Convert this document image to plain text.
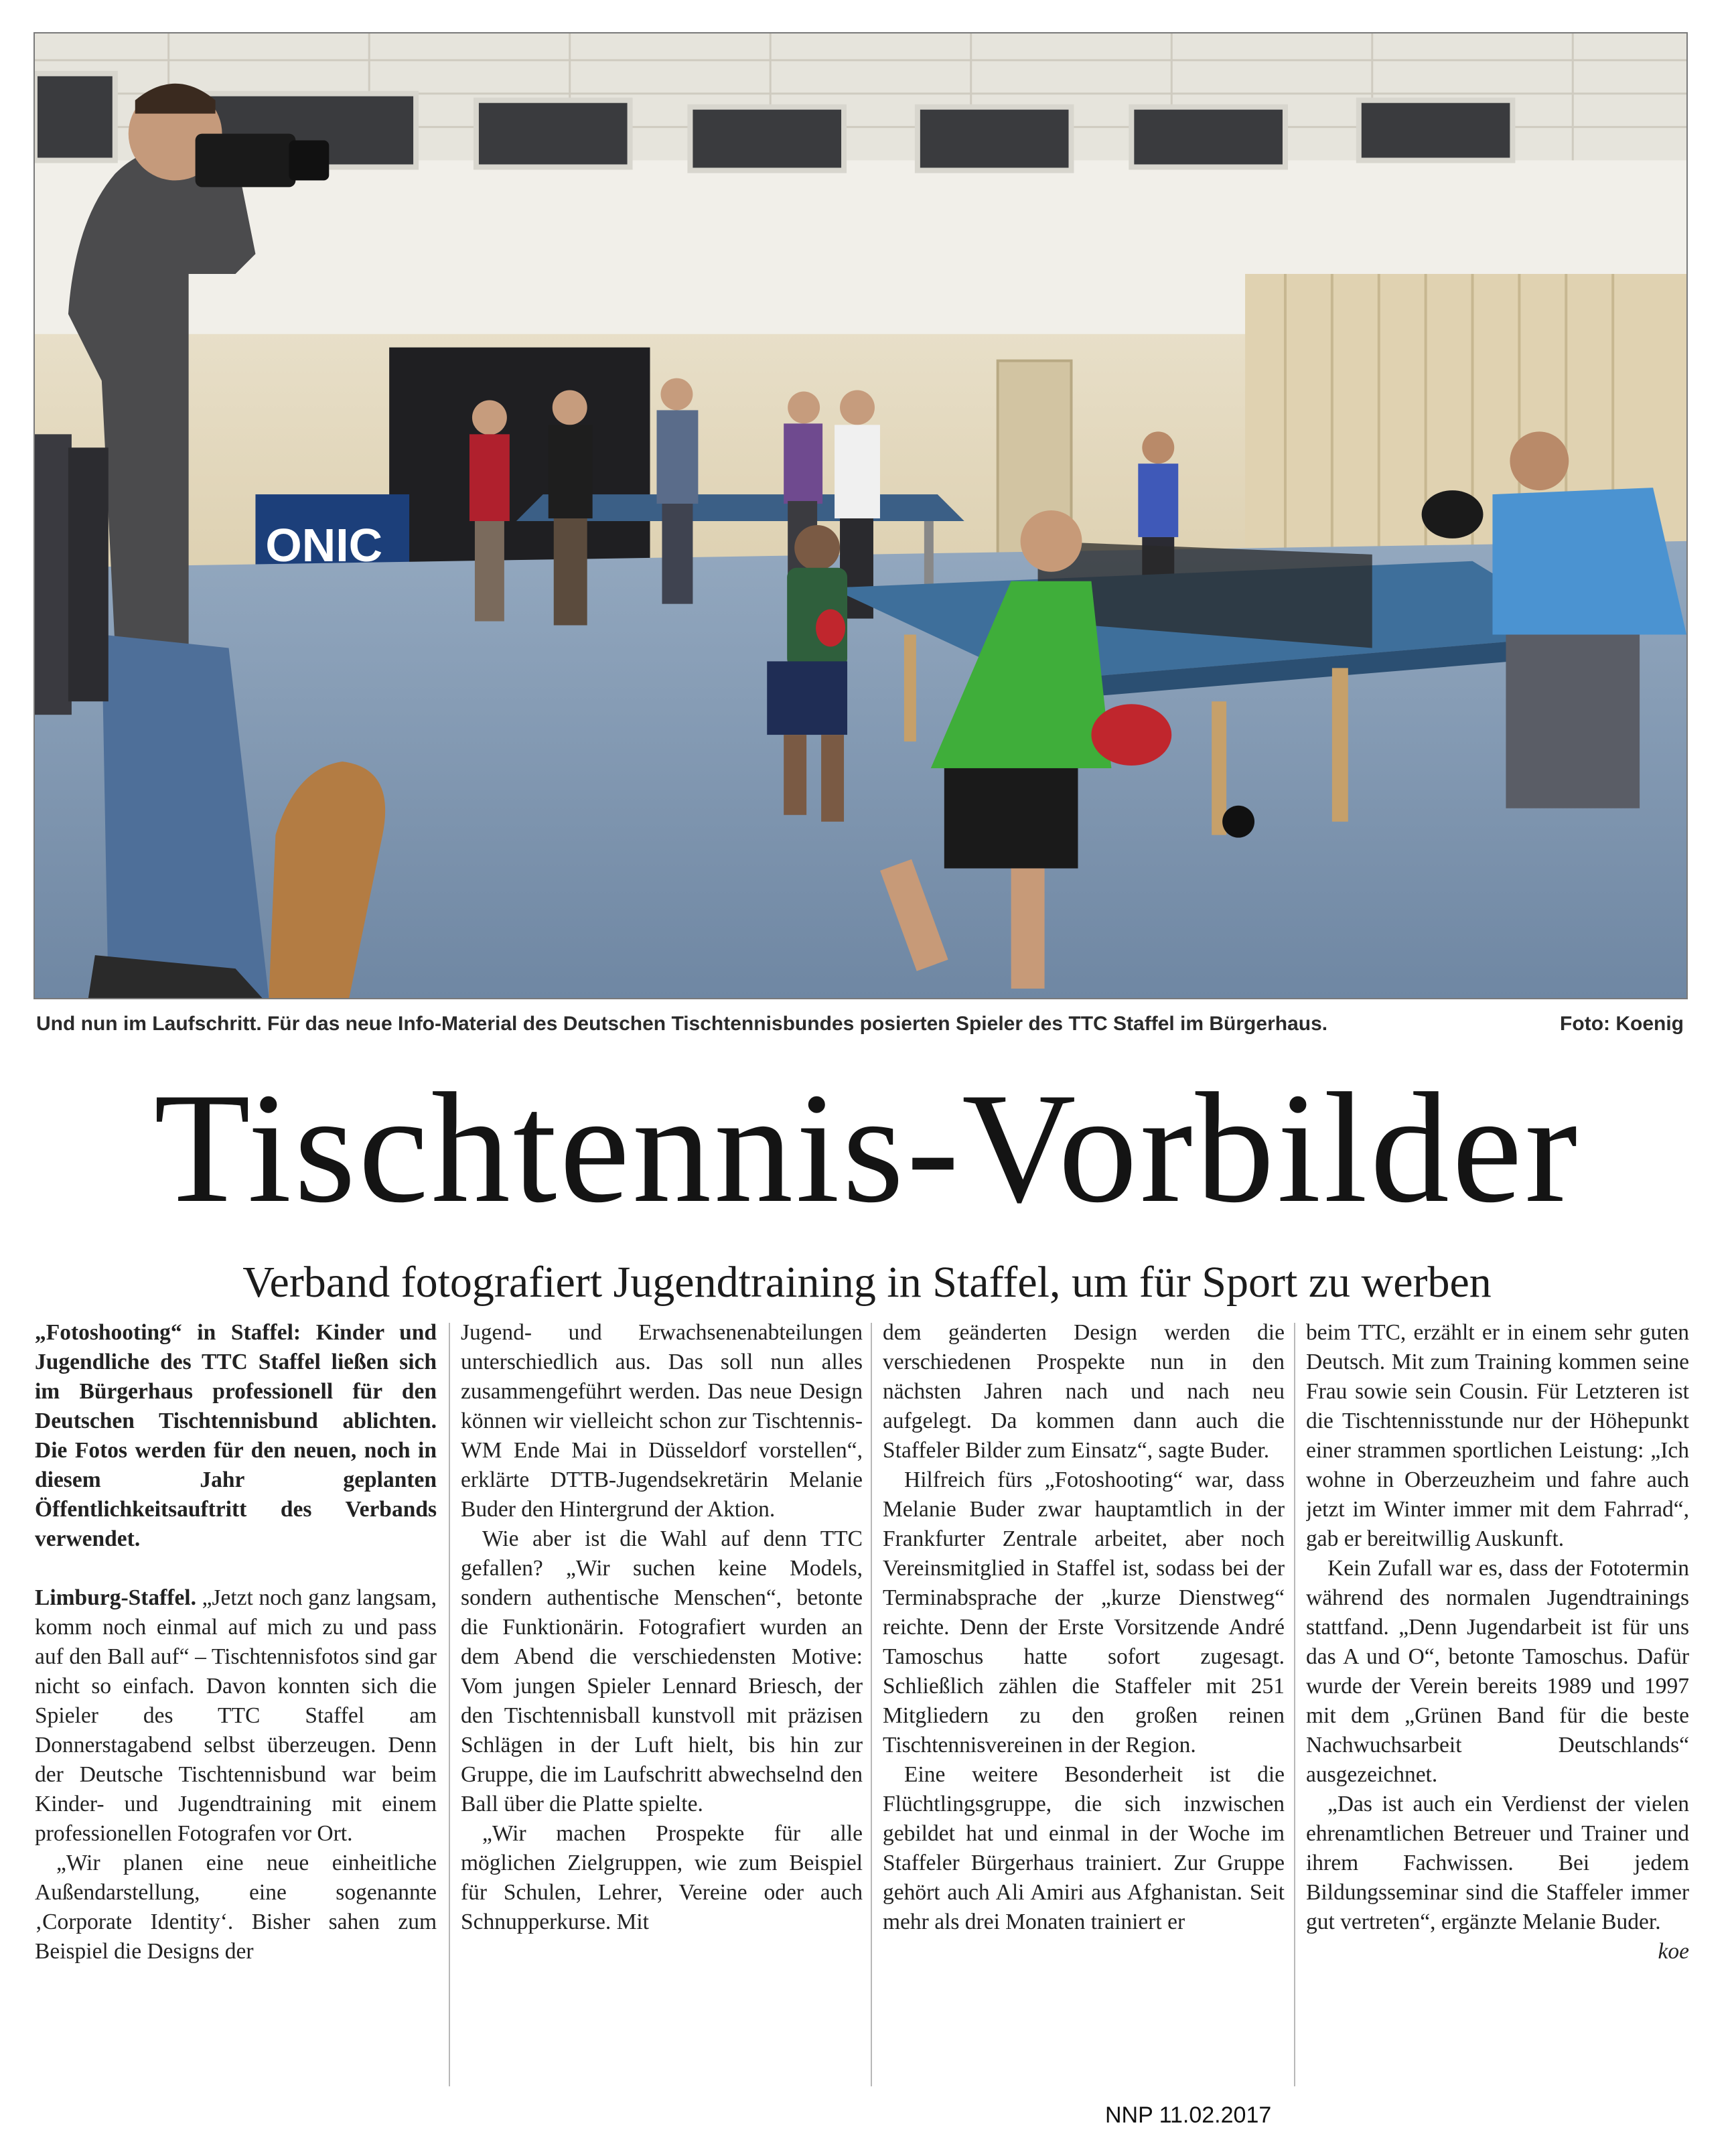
ONIC
Und nun im Laufschritt. Für das neue Info-Material des Deutschen Tischtennisbundes posierten Spieler des TTC Staffel im Bürgerhaus.	Foto: Koenig
Tischtennis-Vorbilder
Verband fotografiert Jugendtraining in Staffel, um für Sport zu werben

„Fotoshooting“ in Staffel: Kinder und Jugendliche des TTC Staffel ließen sich im Bürgerhaus professionell für den Deutschen Tischtennisbund ablichten. Die Fotos werden für den neuen, noch in diesem Jahr geplanten Öffentlichkeitsauftritt des Verbands verwendet.

Limburg-Staffel. „Jetzt noch ganz langsam, komm noch einmal auf mich zu und pass auf den Ball auf“ – Tischtennisfotos sind gar nicht so einfach. Davon konnten sich die Spieler des TTC Staffel am Donnerstagabend selbst überzeugen. Denn der Deutsche Tischtennisbund war beim Kinder- und Jugendtraining mit einem professionellen Fotografen vor Ort.

„Wir planen eine neue einheitliche Außendarstellung, eine sogenannte ‚Corporate Identity‘. Bisher sahen zum Beispiel die Designs der

Jugend- und Erwachsenenabteilungen unterschiedlich aus. Das soll nun alles zusammengeführt werden. Das neue Design können wir vielleicht schon zur Tischtennis-WM Ende Mai in Düsseldorf vorstellen“, erklärte DTTB-Jugendsekretärin Melanie Buder den Hintergrund der Aktion.

Wie aber ist die Wahl auf denn TTC gefallen? „Wir suchen keine Models, sondern authentische Menschen“, betonte die Funktionärin. Fotografiert wurden an dem Abend die verschiedensten Motive: Vom jungen Spieler Lennard Briesch, der den Tischtennisball kunstvoll mit präzisen Schlägen in der Luft hielt, bis hin zur Gruppe, die im Laufschritt abwechselnd den Ball über die Platte spielte.

„Wir machen Prospekte für alle möglichen Zielgruppen, wie zum Beispiel für Schulen, Lehrer, Vereine oder auch Schnupperkurse. Mit

dem geänderten Design werden die verschiedenen Prospekte nun in den nächsten Jahren nach und nach neu aufgelegt. Da kommen dann auch die Staffeler Bilder zum Einsatz“, sagte Buder.

Hilfreich fürs „Fotoshooting“ war, dass Melanie Buder zwar hauptamtlich in der Frankfurter Zentrale arbeitet, aber noch Vereinsmitglied in Staffel ist, sodass bei der Terminabsprache der „kurze Dienstweg“ reichte. Denn der Erste Vorsitzende André Tamoschus hatte sofort zugesagt. Schließlich zählen die Staffeler mit 251 Mitgliedern zu den großen reinen Tischtennisvereinen in der Region.

Eine weitere Besonderheit ist die Flüchtlingsgruppe, die sich inzwischen gebildet hat und einmal in der Woche im Staffeler Bürgerhaus trainiert. Zur Gruppe gehört auch Ali Amiri aus Afghanistan. Seit mehr als drei Monaten trainiert er

beim TTC, erzählt er in einem sehr guten Deutsch. Mit zum Training kommen seine Frau sowie sein Cousin. Für Letzteren ist die Tischtennisstunde nur der Höhepunkt einer strammen sportlichen Leistung: „Ich wohne in Oberzeuzheim und fahre auch jetzt im Winter immer mit dem Fahrrad“, gab er bereitwillig Auskunft.

Kein Zufall war es, dass der Fototermin während des normalen Jugendtrainings stattfand. „Denn Jugendarbeit ist für uns das A und O“, betonte Tamoschus. Dafür wurde der Verein bereits 1989 und 1997 mit dem „Grünen Band für die beste Nachwuchsarbeit Deutschlands“ ausgezeichnet.

„Das ist auch ein Verdienst der vielen ehrenamtlichen Betreuer und Trainer und ihrem Fachwissen. Bei jedem Bildungsseminar sind die Staffeler immer gut vertreten“, ergänzte Melanie Buder.
koe

NNP 11.02.2017
